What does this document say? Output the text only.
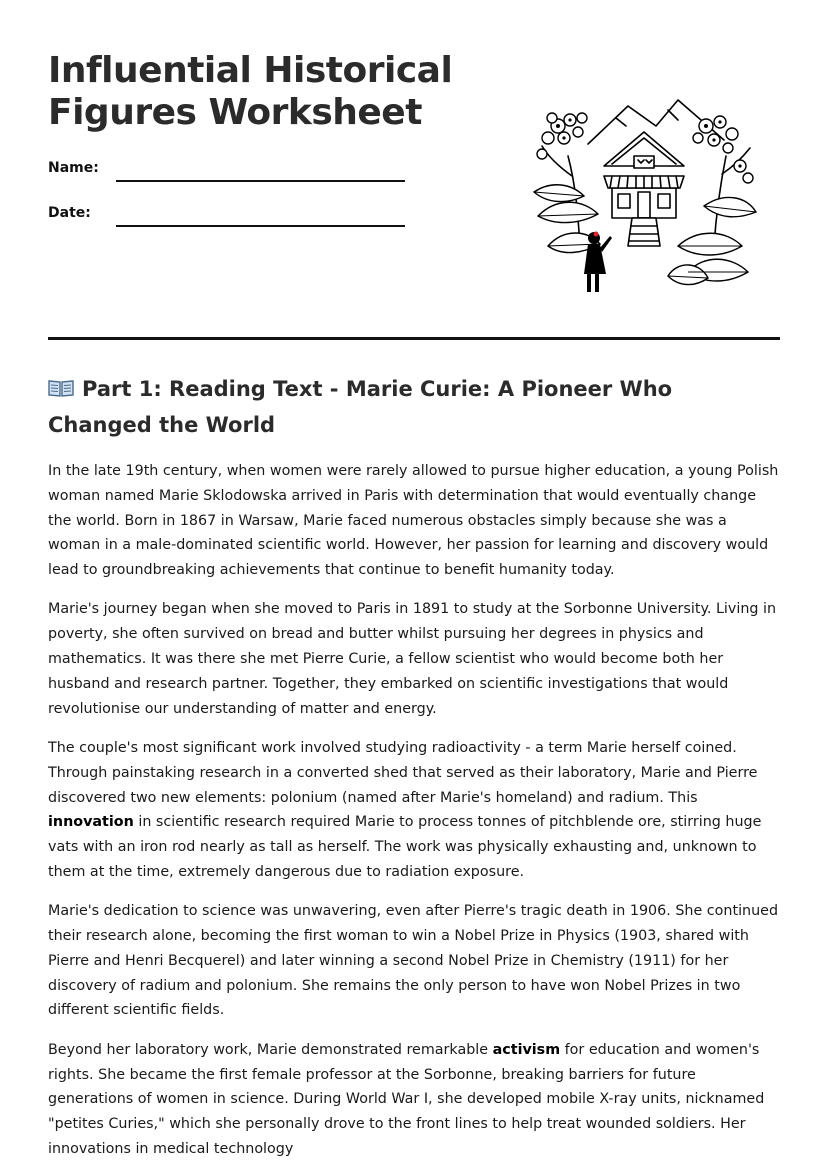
Influential Historical
Figures Worksheet
Name:
Date:
Part 1: Reading Text - Marie Curie: A Pioneer Who Changed the World

In the late 19th century, when women were rarely allowed to pursue higher education, a young Polish woman named Marie Sklodowska arrived in Paris with determination that would eventually change the world. Born in 1867 in Warsaw, Marie faced numerous obstacles simply because she was a woman in a male-dominated scientific world. However, her passion for learning and discovery would lead to groundbreaking achievements that continue to benefit humanity today.

Marie's journey began when she moved to Paris in 1891 to study at the Sorbonne University. Living in poverty, she often survived on bread and butter whilst pursuing her degrees in physics and mathematics. It was there she met Pierre Curie, a fellow scientist who would become both her husband and research partner. Together, they embarked on scientific investigations that would revolutionise our understanding of matter and energy.

The couple's most significant work involved studying radioactivity - a term Marie herself coined. Through painstaking research in a converted shed that served as their laboratory, Marie and Pierre discovered two new elements: polonium (named after Marie's homeland) and radium. This innovation in scientific research required Marie to process tonnes of pitchblende ore, stirring huge vats with an iron rod nearly as tall as herself. The work was physically exhausting and, unknown to them at the time, extremely dangerous due to radiation exposure.

Marie's dedication to science was unwavering, even after Pierre's tragic death in 1906. She continued their research alone, becoming the first woman to win a Nobel Prize in Physics (1903, shared with Pierre and Henri Becquerel) and later winning a second Nobel Prize in Chemistry (1911) for her discovery of radium and polonium. She remains the only person to have won Nobel Prizes in two different scientific fields.

Beyond her laboratory work, Marie demonstrated remarkable activism for education and women's rights. She became the first female professor at the Sorbonne, breaking barriers for future generations of women in science. During World War I, she developed mobile X-ray units, nicknamed "petites Curies," which she personally drove to the front lines to help treat wounded soldiers. Her innovations in medical technology
